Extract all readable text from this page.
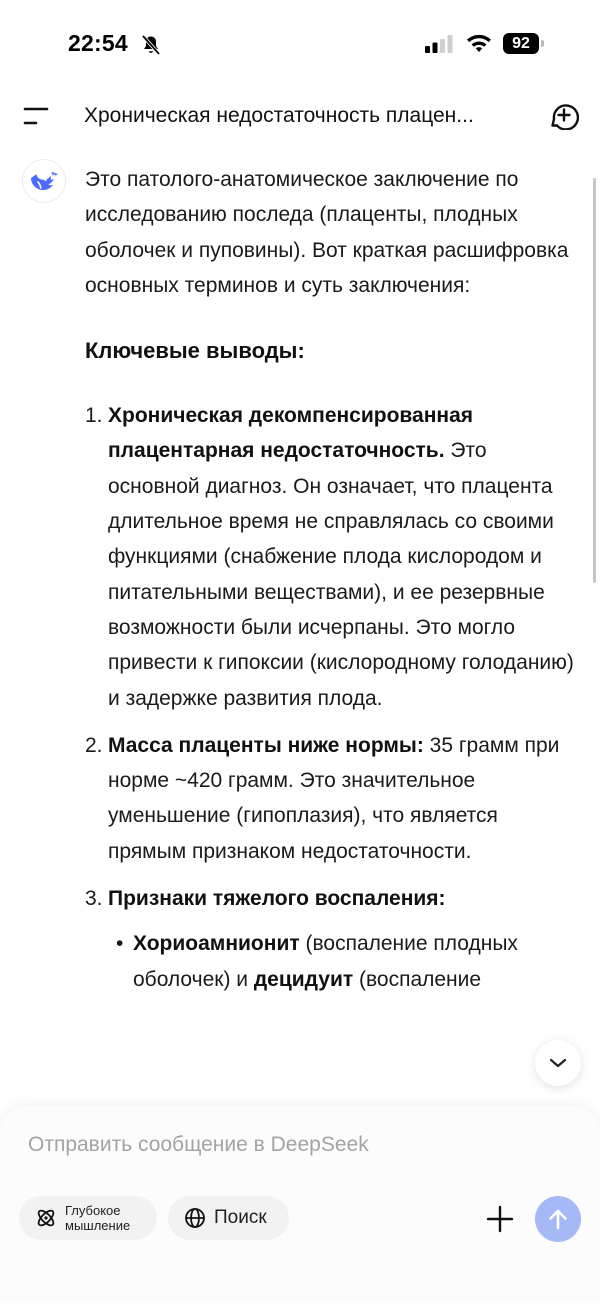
22:54	92
Хроническая недостаточность плацен...

Это патолого-анатомическое заключение по исследованию последа (плаценты, плодных оболочек и пуповины). Вот краткая расшифровка основных терминов и суть заключения:

Ключевые выводы:
1. Хроническая декомпенсированная плацентарная недостаточность. Это основной диагноз. Он означает, что плацента длительное время не справлялась со своими функциями (снабжение плода кислородом и питательными веществами), и ее резервные возможности были исчерпаны. Это могло привести к гипоксии (кислородному голоданию) и задержке развития плода.
2. Масса плаценты ниже нормы: 35 грамм при норме ~420 грамм. Это значительное уменьшение (гипоплазия), что является прямым признаком недостаточности.
3. Признаки тяжелого воспаления:
• Хориоамнионит (воспаление плодных
оболочек) и децидуит (воспаление
Отправить сообщение в DeepSeek
Глубокое
мышление	Поиск
